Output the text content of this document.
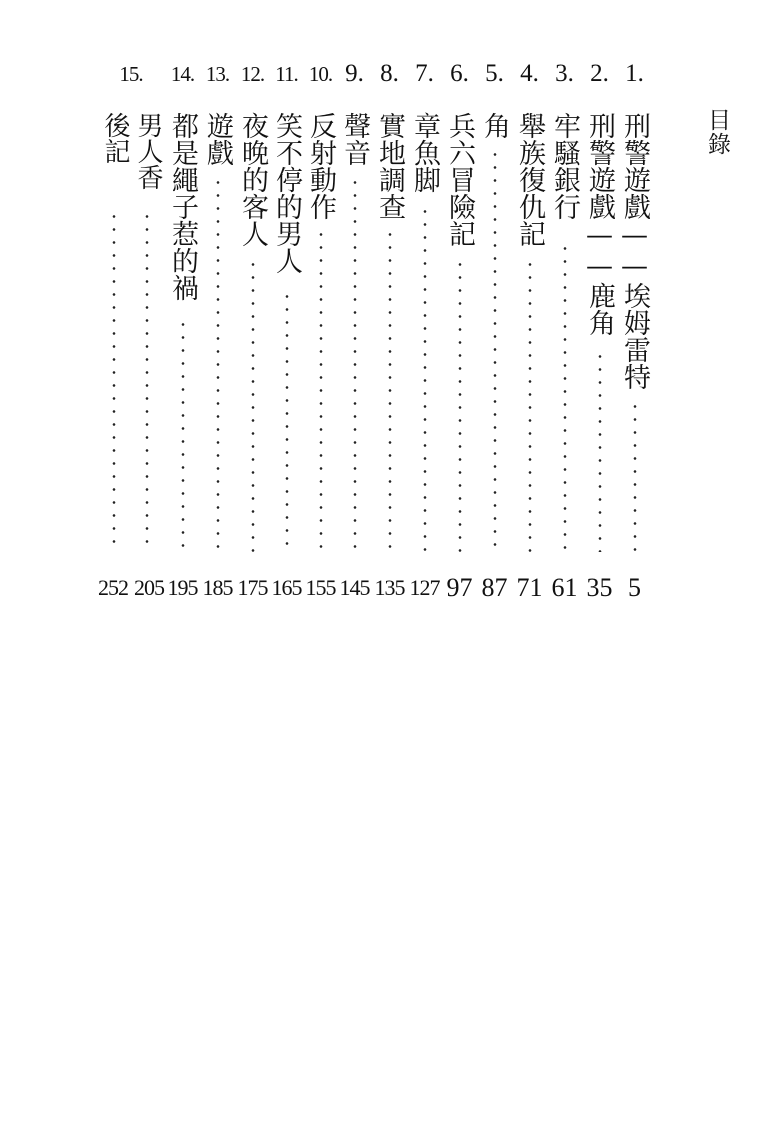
目錄
1.
刑警遊戲——埃姆雷特
5
2.
刑警遊戲——鹿角
35
3.
牢騷銀行
61
4.
舉族復仇記
71
5.
角
87
6.
兵六冒險記
97
7.
章魚脚
127
8.
實地調查
135
9.
聲音
145
10.
反射動作
155
11.
笑不停的男人
165
12.
夜晚的客人
175
13.
遊戲
185
14.
都是繩子惹的禍
195
15.
男人香
後記
205
252
